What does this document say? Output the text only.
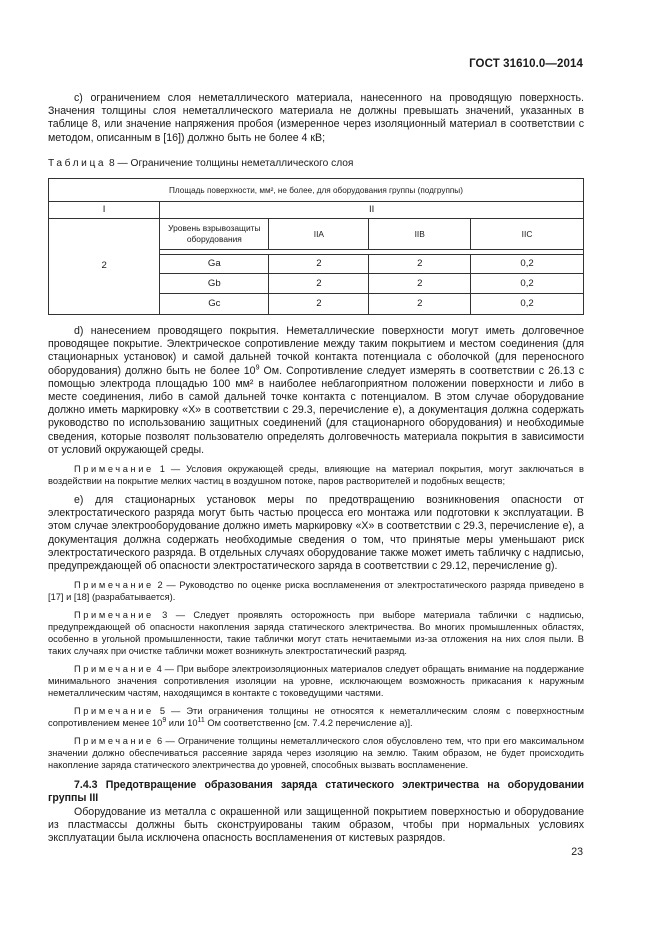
ГОСТ 31610.0—2014

c) ограничением слоя неметаллического материала, нанесенного на проводящую поверхность. Значения толщины слоя неметаллического материала не должны превышать значений, указанных в таблице 8, или значение напряжения пробоя (измеренное через изоляционный материал в соответствии с методом, описанным в [16]) должно быть не более 4 кВ;

Таблица 8 — Ограничение толщины неметаллического слоя
Площадь поверхности, мм², не более, для оборудования группы (подгруппы)				
I	II			
	Уровень взрывозащиты оборудования	IIA	IIB	IIC

2	Ga	2	2	0,2
	Gb	2	2	0,2
	Gc	2	2	0,2

d) нанесением проводящего покрытия. Неметаллические поверхности могут иметь долговечное проводящее покрытие. Электрическое сопротивление между таким покрытием и местом соединения (для стационарных установок) и самой дальней точкой контакта потенциала с оболочкой (для переносного оборудования) должно быть не более $10^9$ Ом. Сопротивление следует измерять в соответствии с 26.13 с помощью электрода площадью 100 мм² в наиболее неблагоприятном положении поверхности и либо в месте соединения, либо в самой дальней точке контакта с потенциалом. В этом случае оборудование должно иметь маркировку «X» в соответствии с 29.3, перечисление е), а документация должна содержать руководство по использованию защитных соединений (для стационарного оборудования) и необходимые сведения, которые позволят пользователю определять долговечность материала покрытия в зависимости от условий окружающей среды.

Примечание 1 — Условия окружающей среды, влияющие на материал покрытия, могут заключаться в воздействии на покрытие мелких частиц в воздушном потоке, паров растворителей и подобных веществ;

е) для стационарных установок меры по предотвращению возникновения опасности от электростатического разряда могут быть частью процесса его монтажа или подготовки к эксплуатации. В этом случае электрооборудование должно иметь маркировку «X» в соответствии с 29.3, перечисление е), а документация должна содержать необходимые сведения о том, что принятые меры уменьшают риск электростатического разряда. В отдельных случаях оборудование также может иметь табличку с надписью, предупреждающей об опасности электростатического заряда в соответствии с 29.12, перечисление g).

Примечание 2 — Руководство по оценке риска воспламенения от электростатического разряда приведено в [17] и [18] (разрабатывается).
Примечание 3 — Следует проявлять осторожность при выборе материала таблички с надписью, предупреждающей об опасности накопления заряда статического электричества. Во многих промышленных областях, особенно в угольной промышленности, такие таблички могут стать нечитаемыми из-за отложения на них слоя пыли. В таких случаях при очистке таблички может возникнуть электростатический разряд.
Примечание 4 — При выборе электроизоляционных материалов следует обращать внимание на поддержание минимального значения сопротивления изоляции на уровне, исключающем возможность прикасания к наружным неметаллическим частям, находящимся в контакте с токоведущими частями.
Примечание 5 — Эти ограничения толщины не относятся к неметаллическим слоям с поверхностным сопротивлением менее $10^9$ или $10^{11}$ Ом соответственно [см. 7.4.2 перечисление а)].
Примечание 6 — Ограничение толщины неметаллического слоя обусловлено тем, что при его максимальном значении должно обеспечиваться рассеяние заряда через изоляцию на землю. Таким образом, не будет происходить накопление заряда статического электричества до уровней, способных вызвать воспламенение.

7.4.3 Предотвращение образования заряда статического электричества на оборудовании группы III

Оборудование из металла с окрашенной или защищенной покрытием поверхностью и оборудование из пластмассы должны быть сконструированы таким образом, чтобы при нормальных условиях эксплуатации была исключена опасность воспламенения от кистевых разрядов.

23
